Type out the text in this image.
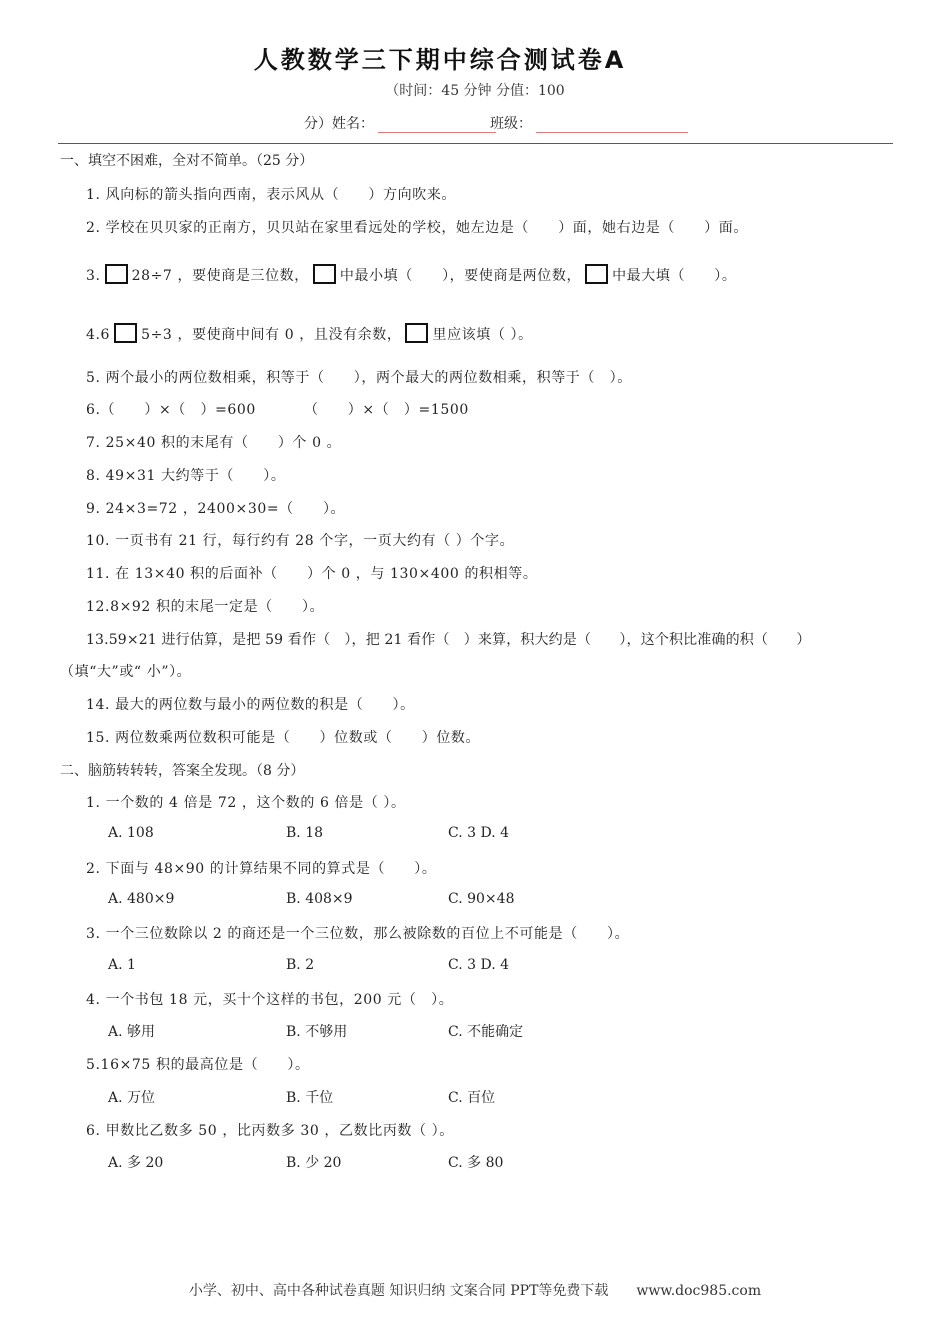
人教数学三下期中综合测试卷A
（时间：45 分钟 分值：100
分）姓名：	班级：
一、填空不困难，全对不简单。（25 分）
1. 风向标的箭头指向西南，表示风从（　　）方向吹来。
2. 学校在贝贝家的正南方，贝贝站在家里看远处的学校，她左边是（　　）面，她右边是（　　）面。
3. 28÷7 ，要使商是三位数， 中最小填（　　），要使商是两位数， 中最大填（　　）。
4.6 5÷3 ，要使商中间有 0 ，且没有余数， 里应该填（ ）。
5. 两个最小的两位数相乘，积等于（　　），两个最大的两位数相乘，积等于（　）。
6.（　　）×（　）=600	（　　）×（　）=1500
7. 25×40 积的末尾有（　　）个 0 。
8. 49×31 大约等于（　　）。
9. 24×3=72 ，2400×30=（　　）。
10. 一页书有 21 行，每行约有 28 个字，一页大约有（ ）个字。
11. 在 13×40 积的后面补（　　）个 0 ，与 130×400 的积相等。
12.8×92 积的末尾一定是（　　）。
13.59×21 进行估算，是把 59 看作（　），把 21 看作（　）来算，积大约是（　　），这个积比准确的积（　　）
（填“大”或“ 小”）。
14. 最大的两位数与最小的两位数的积是（　　）。
15. 两位数乘两位数积可能是（　　）位数或（　　）位数。
二、脑筋转转转，答案全发现。（8 分）
1. 一个数的 4 倍是 72 ，这个数的 6 倍是（ ）。
A. 108	B. 18	C. 3 D. 4
2. 下面与 48×90 的计算结果不同的算式是（　　）。
A. 480×9	B. 408×9	C. 90×48
3. 一个三位数除以 2 的商还是一个三位数，那么被除数的百位上不可能是（　　）。
A. 1	B. 2	C. 3 D. 4
4. 一个书包 18 元，买十个这样的书包，200 元（　）。
A. 够用	B. 不够用	C. 不能确定
5.16×75 积的最高位是（　　）。
A. 万位	B. 千位	C. 百位
6. 甲数比乙数多 50 ，比丙数多 30 ，乙数比丙数（ ）。
A. 多 20	B. 少 20	C. 多 80
小学、初中、高中各种试卷真题 知识归纳 文案合同 PPT等免费下载　　www.doc985.com
